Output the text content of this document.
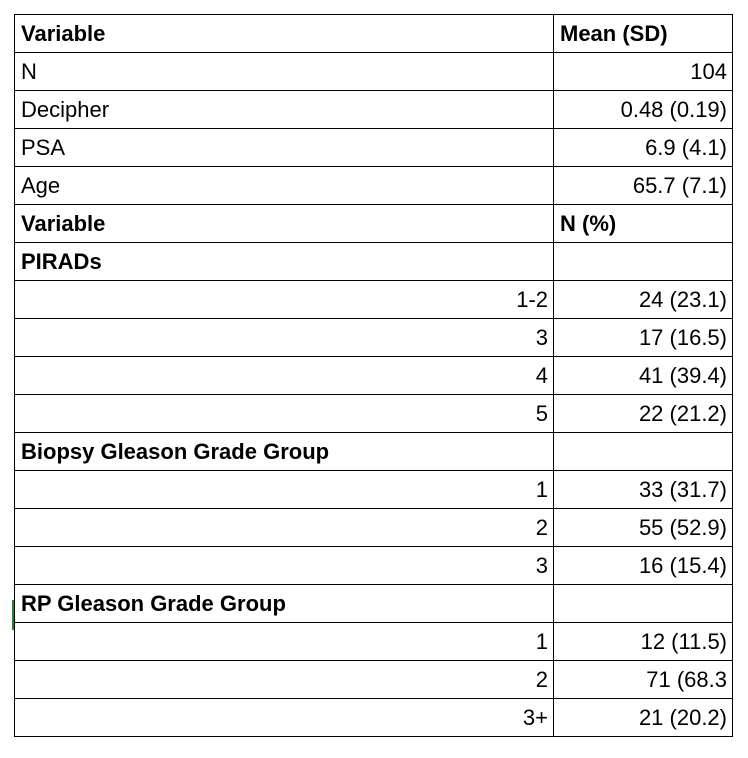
Variable	Mean (SD)
N	104
Decipher	0.48 (0.19)
PSA	6.9 (4.1)
Age	65.7 (7.1)
Variable	N (%)
PIRADs	
1-2	24 (23.1)
3	17 (16.5)
4	41 (39.4)
5	22 (21.2)
Biopsy Gleason Grade Group	
1	33 (31.7)
2	55 (52.9)
3	16 (15.4)
RP Gleason Grade Group	
1	12 (11.5)
2	71 (68.3
3+	21 (20.2)
